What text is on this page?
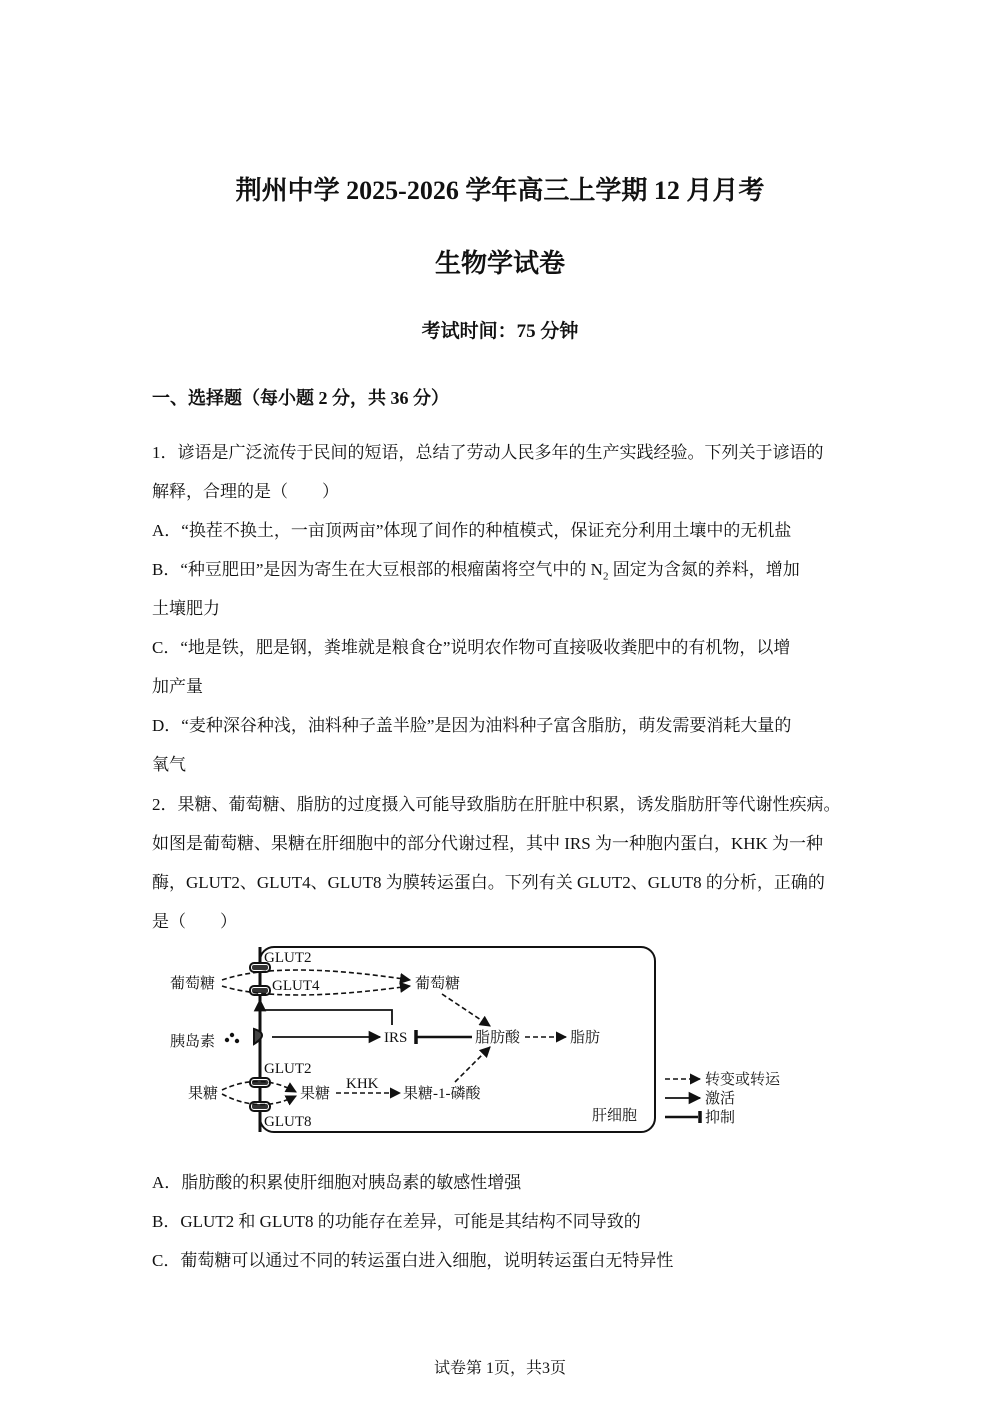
荆州中学 2025-2026 学年高三上学期 12 月月考
生物学试卷
考试时间：75 分钟
一、选择题（每小题 2 分，共 36 分）
1．谚语是广泛流传于民间的短语，总结了劳动人民多年的生产实践经验。下列关于谚语的
解释，合理的是（　　）
A．“换茬不换土，一亩顶两亩”体现了间作的种植模式，保证充分利用土壤中的无机盐
B．“种豆肥田”是因为寄生在大豆根部的根瘤菌将空气中的 $N_2$ 固定为含氮的养料，增加
土壤肥力
C．“地是铁，肥是钢，粪堆就是粮食仓”说明农作物可直接吸收粪肥中的有机物，以增
加产量
D．“麦种深谷种浅，油料种子盖半脸”是因为油料种子富含脂肪，萌发需要消耗大量的
氧气
2．果糖、葡萄糖、脂肪的过度摄入可能导致脂肪在肝脏中积累，诱发脂肪肝等代谢性疾病。
如图是葡萄糖、果糖在肝细胞中的部分代谢过程，其中 IRS 为一种胞内蛋白，KHK 为一种
酶，GLUT2、GLUT4、GLUT8 为膜转运蛋白。下列有关 GLUT2、GLUT8 的分析，正确的
是（　　）
GLUT2
GLUT4
葡萄糖	葡萄糖
胰岛素	IRS	脂肪酸	脂肪
GLUT2
果糖	果糖
KHK
果糖-1-磷酸
GLUT8	肝细胞
转变或转运
激活
抑制
A．脂肪酸的积累使肝细胞对胰岛素的敏感性增强
B．GLUT2 和 GLUT8 的功能存在差异，可能是其结构不同导致的
C．葡萄糖可以通过不同的转运蛋白进入细胞，说明转运蛋白无特异性
试卷第 1页，共3页
